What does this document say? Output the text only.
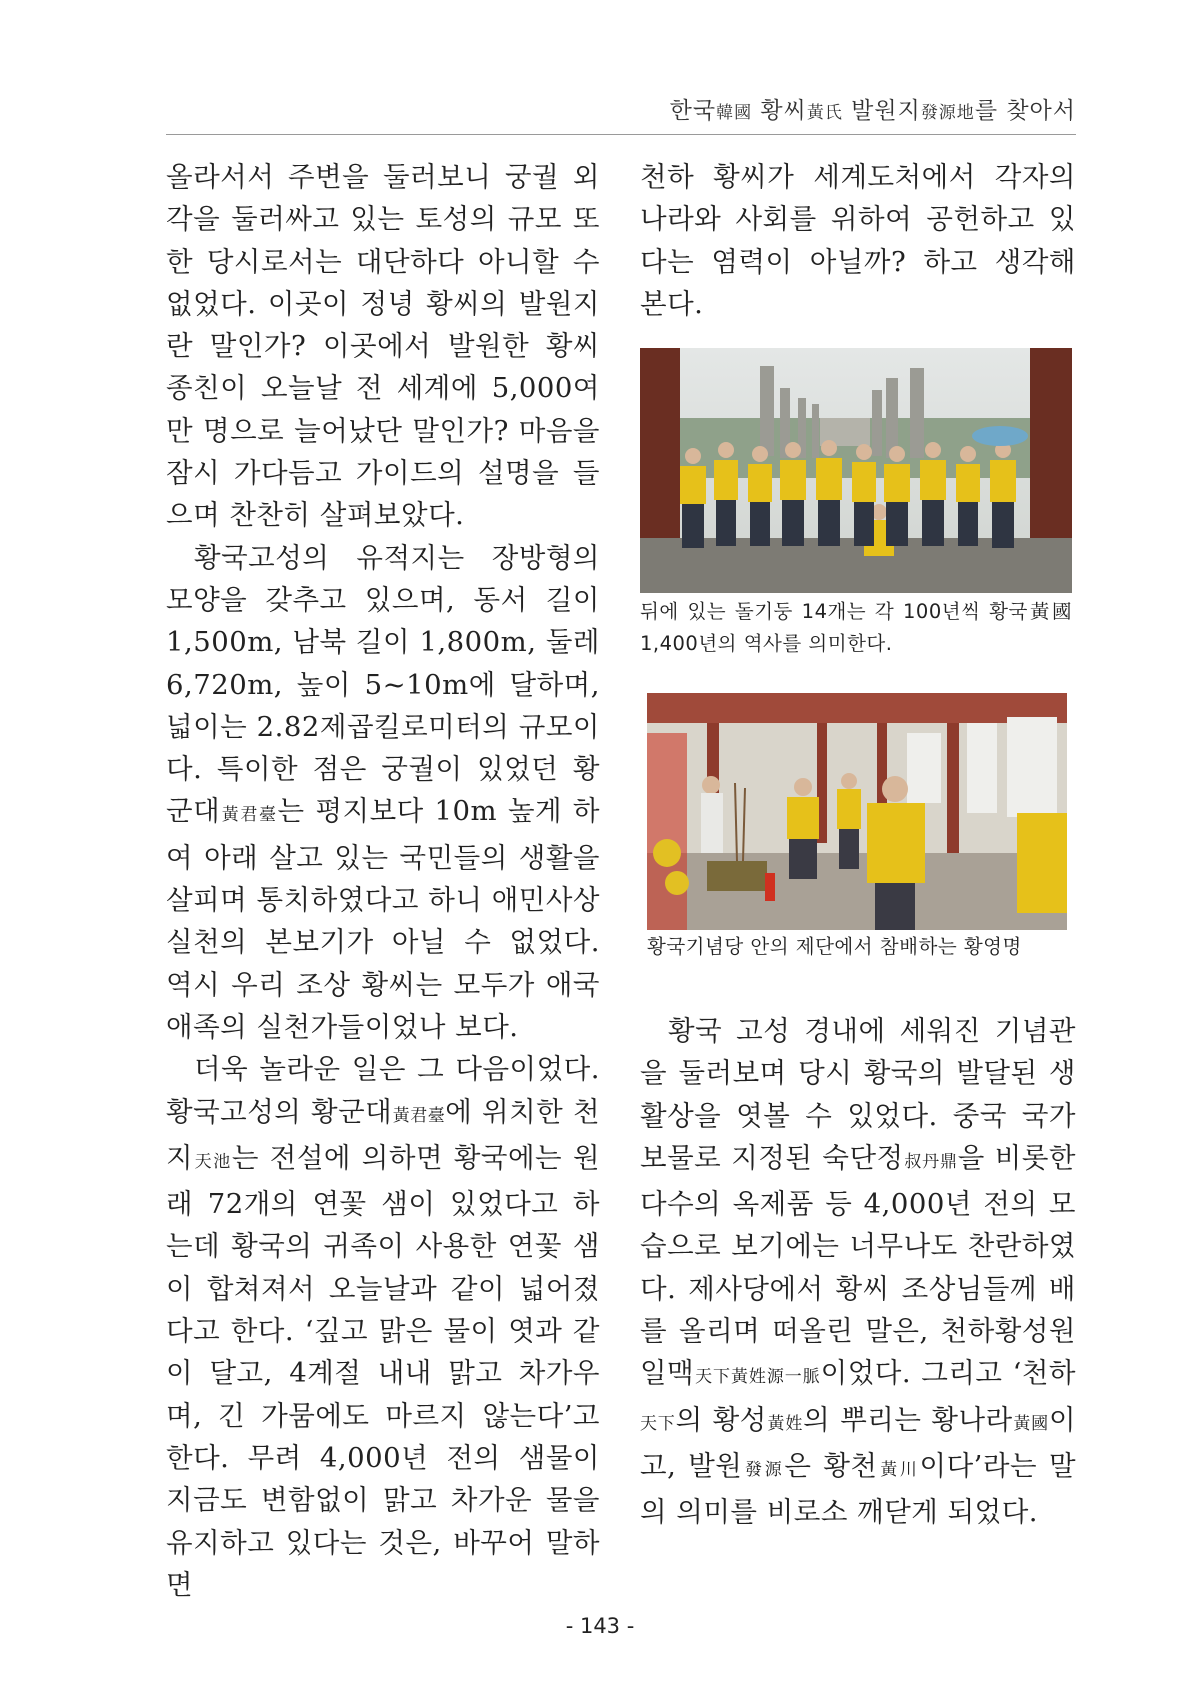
한국韓國 황씨黃氏 발원지發源地를 찾아서

올라서서 주변을 둘러보니 궁궐 외각을 둘러싸고 있는 토성의 규모 또한 당시로서는 대단하다 아니할 수 없었다. 이곳이 정녕 황씨의 발원지란 말인가? 이곳에서 발원한 황씨 종친이 오늘날 전 세계에 5,000여만 명으로 늘어났단 말인가? 마음을 잠시 가다듬고 가이드의 설명을 들으며 찬찬히 살펴보았다.

황국고성의 유적지는 장방형의 모양을 갖추고 있으며, 동서 길이 1,500m, 남북 길이 1,800m, 둘레 6,720m, 높이 5~10m에 달하며, 넓이는 2.82제곱킬로미터의 규모이다. 특이한 점은 궁궐이 있었던 황군대黃君臺는 평지보다 10m 높게 하여 아래 살고 있는 국민들의 생활을 살피며 통치하였다고 하니 애민사상 실천의 본보기가 아닐 수 없었다. 역시 우리 조상 황씨는 모두가 애국애족의 실천가들이었나 보다.

더욱 놀라운 일은 그 다음이었다. 황국고성의 황군대黃君臺에 위치한 천지天池는 전설에 의하면 황국에는 원래 72개의 연꽃 샘이 있었다고 하는데 황국의 귀족이 사용한 연꽃 샘이 합쳐져서 오늘날과 같이 넓어졌다고 한다. ‘깊고 맑은 물이 엿과 같이 달고, 4계절 내내 맑고 차가우며, 긴 가뭄에도 마르지 않는다’고 한다. 무려 4,000년 전의 샘물이 지금도 변함없이 맑고 차가운 물을 유지하고 있다는 것은, 바꾸어 말하면

천하 황씨가 세계도처에서 각자의 나라와 사회를 위하여 공헌하고 있다는 염력이 아닐까? 하고 생각해 본다.

뒤에 있는 돌기둥 14개는 각 100년씩 황국黃國 1,400년의 역사를 의미한다.
황국기념당 안의 제단에서 참배하는 황영명

황국 고성 경내에 세워진 기념관을 둘러보며 당시 황국의 발달된 생활상을 엿볼 수 있었다. 중국 국가 보물로 지정된 숙단정叔丹鼎을 비롯한 다수의 옥제품 등 4,000년 전의 모습으로 보기에는 너무나도 찬란하였다. 제사당에서 황씨 조상님들께 배를 올리며 떠올린 말은, 천하황성원일맥天下黃姓源一脈이었다. 그리고 ‘천하天下의 황성黃姓의 뿌리는 황나라黃國이고, 발원發源은 황천黃川이다’라는 말의 의미를 비로소 깨닫게 되었다.

- 143 -
